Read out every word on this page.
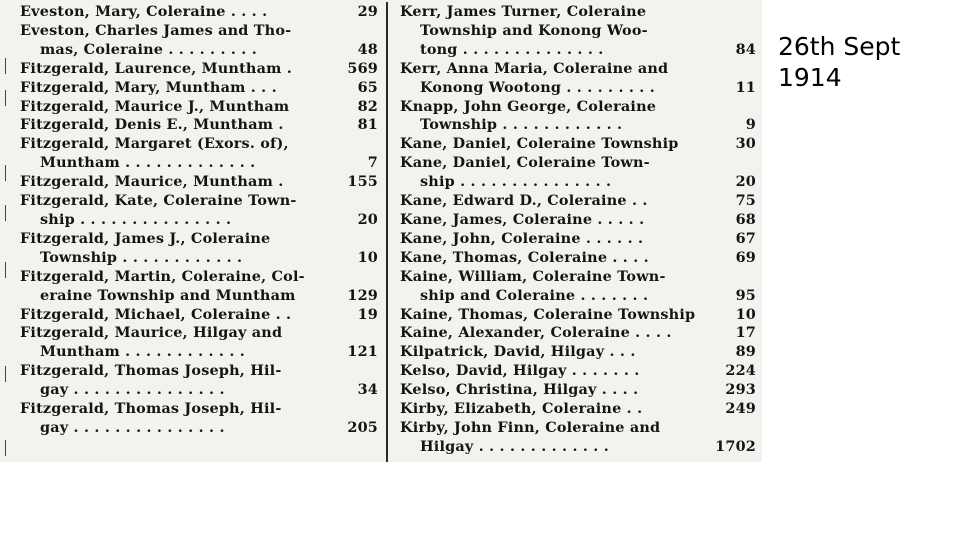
Eveston, Mary, Coleraine . . . .	29
Eveston, Charles James and Tho-
mas, Coleraine . . . . . . . . .	48
Fitzgerald, Laurence, Muntham .	569
Fitzgerald, Mary, Muntham . . .	65
Fitzgerald, Maurice J., Muntham	82
Fitzgerald, Denis E., Muntham .	81
Fitzgerald, Margaret (Exors. of),
Muntham . . . . . . . . . . . . .	7
Fitzgerald, Maurice, Muntham .	155
Fitzgerald, Kate, Coleraine Town-
ship . . . . . . . . . . . . . . .	20
Fitzgerald, James J., Coleraine
Township . . . . . . . . . . . .	10
Fitzgerald, Martin, Coleraine, Col-
eraine Township and Muntham	129
Fitzgerald, Michael, Coleraine . .	19
Fitzgerald, Maurice, Hilgay and
Muntham . . . . . . . . . . . .	121
Fitzgerald, Thomas Joseph, Hil-
gay . . . . . . . . . . . . . . .	34
Fitzgerald, Thomas Joseph, Hil-
gay . . . . . . . . . . . . . . .	205
Kerr, James Turner, Coleraine
Township and Konong Woo-
tong . . . . . . . . . . . . . .	84
Kerr, Anna Maria, Coleraine and
Konong Wootong . . . . . . . . .	11
Knapp, John George, Coleraine
Township . . . . . . . . . . . .	9
Kane, Daniel, Coleraine Township	30
Kane, Daniel, Coleraine Town-
ship . . . . . . . . . . . . . . .	20
Kane, Edward D., Coleraine . .	75
Kane, James, Coleraine . . . . .	68
Kane, John, Coleraine . . . . . .	67
Kane, Thomas, Coleraine . . . .	69
Kaine, William, Coleraine Town-
ship and Coleraine . . . . . . .	95
Kaine, Thomas, Coleraine Township	10
Kaine, Alexander, Coleraine . . . .	17
Kilpatrick, David, Hilgay . . .	89
Kelso, David, Hilgay . . . . . . .	224
Kelso, Christina, Hilgay . . . .	293
Kirby, Elizabeth, Coleraine . .	249
Kirby, John Finn, Coleraine and
Hilgay . . . . . . . . . . . . .	1702
26th Sept
1914
